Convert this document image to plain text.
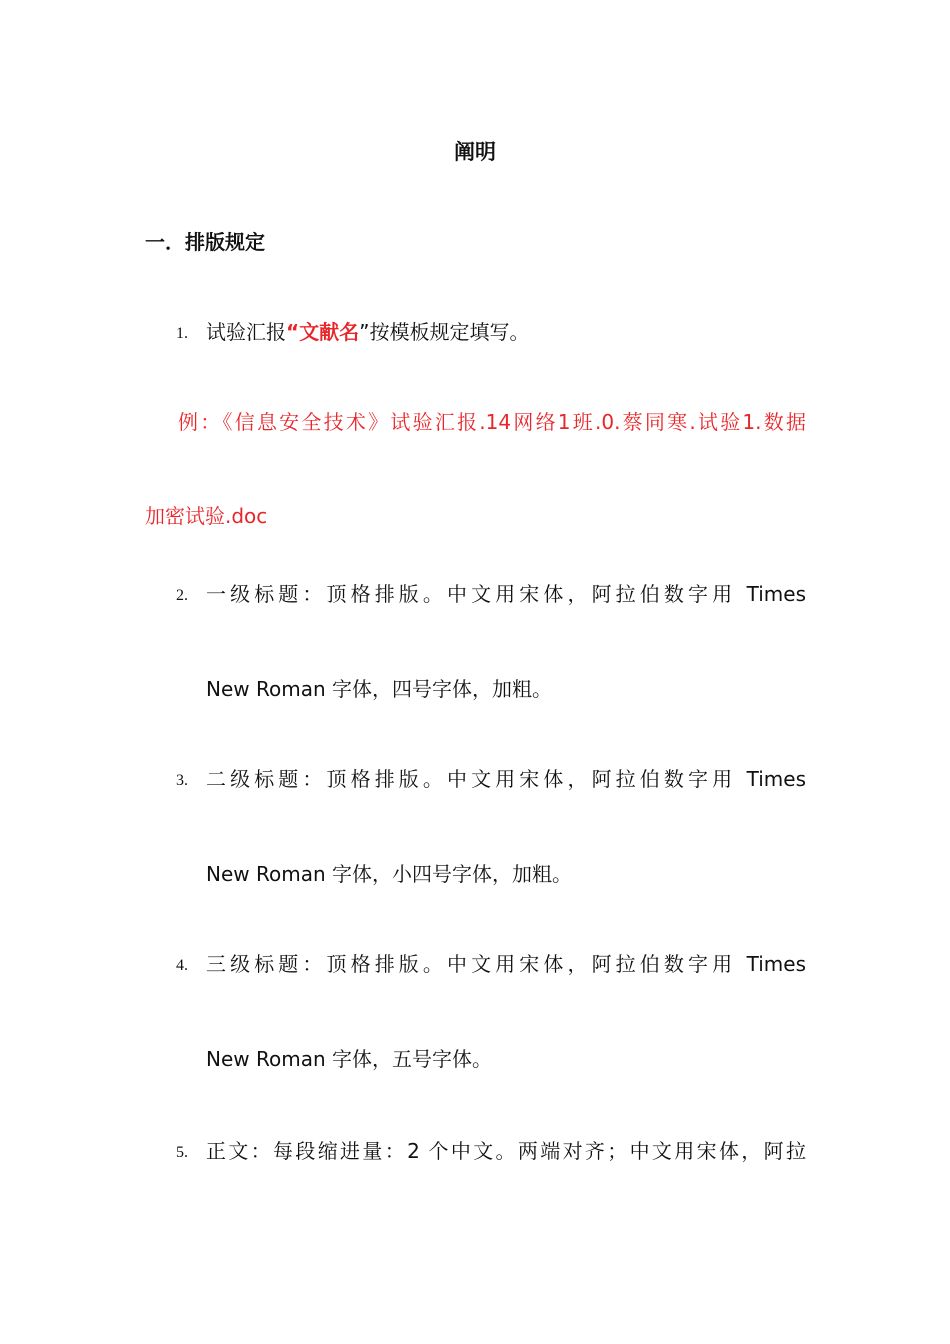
阐明
一．排版规定
1. 试验汇报“文献名”按模板规定填写。
例：《信息安全技术》试验汇报.14网络1班.0.蔡同寒.试验1.数据
加密试验.doc
2. 一级标题：顶格排版。中文用宋体，阿拉伯数字用 Times
New Roman 字体，四号字体，加粗。
3. 二级标题：顶格排版。中文用宋体，阿拉伯数字用 Times
New Roman 字体，小四号字体，加粗。
4. 三级标题：顶格排版。中文用宋体，阿拉伯数字用 Times
New Roman 字体，五号字体。
5. 正文：每段缩进量：2 个中文。两端对齐；中文用宋体，阿拉
